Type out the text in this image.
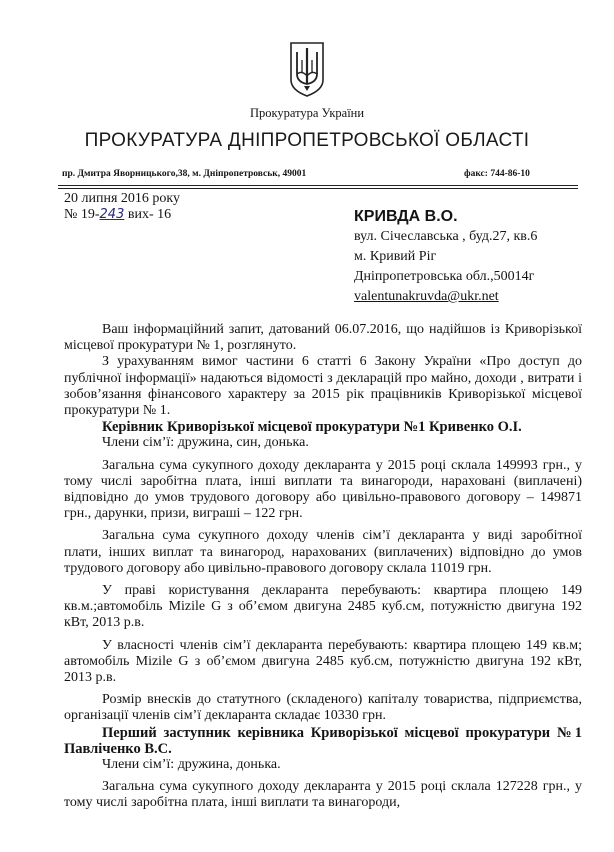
Прокуратура України
ПРОКУРАТУРА ДНІПРОПЕТРОВСЬКОЇ ОБЛАСТІ
пр. Дмитра Яворницького,38, м. Дніпропетровськ, 49001	факс: 744-86-10
20 липня 2016 року
№ 19-243 вих- 16	КРИВДА В.О.
вул. Січеславська , буд.27, кв.6
м. Кривий Ріг
Дніпропетровська обл.,50014г
valentunakruvda@ukr.net

Ваш інформаційний запит, датований 06.07.2016, що надійшов із Криворізької місцевої прокуратури № 1, розглянуто.

З урахуванням вимог частини 6 статті 6 Закону України «Про доступ до публічної інформації» надаються відомості з декларацій про майно, доходи , витрати і зобов’язання фінансового характеру за 2015 рік працівників Криворізької місцевої прокуратури № 1.

Керівник Криворізької місцевої прокуратури №1 Кривенко О.І.

Члени сім’ї: дружина, син, донька.

Загальна сума сукупного доходу декларанта у 2015 році склала 149993 грн., у тому числі заробітна плата, інші виплати та винагороди, нараховані (виплачені) відповідно до умов трудового договору або цивільно-правового договору – 149871 грн., дарунки, призи, виграші – 122 грн.

Загальна сума сукупного доходу членів сім’ї декларанта у виді заробітної плати, інших виплат та винагород, нарахованих (виплачених) відповідно до умов трудового договору або цивільно-правового договору склала 11019 грн.

У праві користування декларанта перебувають: квартира площею 149 кв.м.;автомобіль Mizile G з об’ємом двигуна 2485 куб.см, потужністю двигуна 192 кВт, 2013 р.в.

У власності членів сім’ї декларанта перебувають: квартира площею 149 кв.м; автомобіль Mizile G з об’ємом двигуна 2485 куб.см, потужністю двигуна 192 кВт, 2013 р.в.

Розмір внесків до статутного (складеного) капіталу товариства, підприємства, організації членів сім’ї декларанта складає 10330 грн.

Перший заступник керівника Криворізької місцевої прокуратури №1 Павліченко В.С.

Члени сім’ї: дружина, донька.

Загальна сума сукупного доходу декларанта у 2015 році склала 127228 грн., у тому числі заробітна плата, інші виплати та винагороди,
